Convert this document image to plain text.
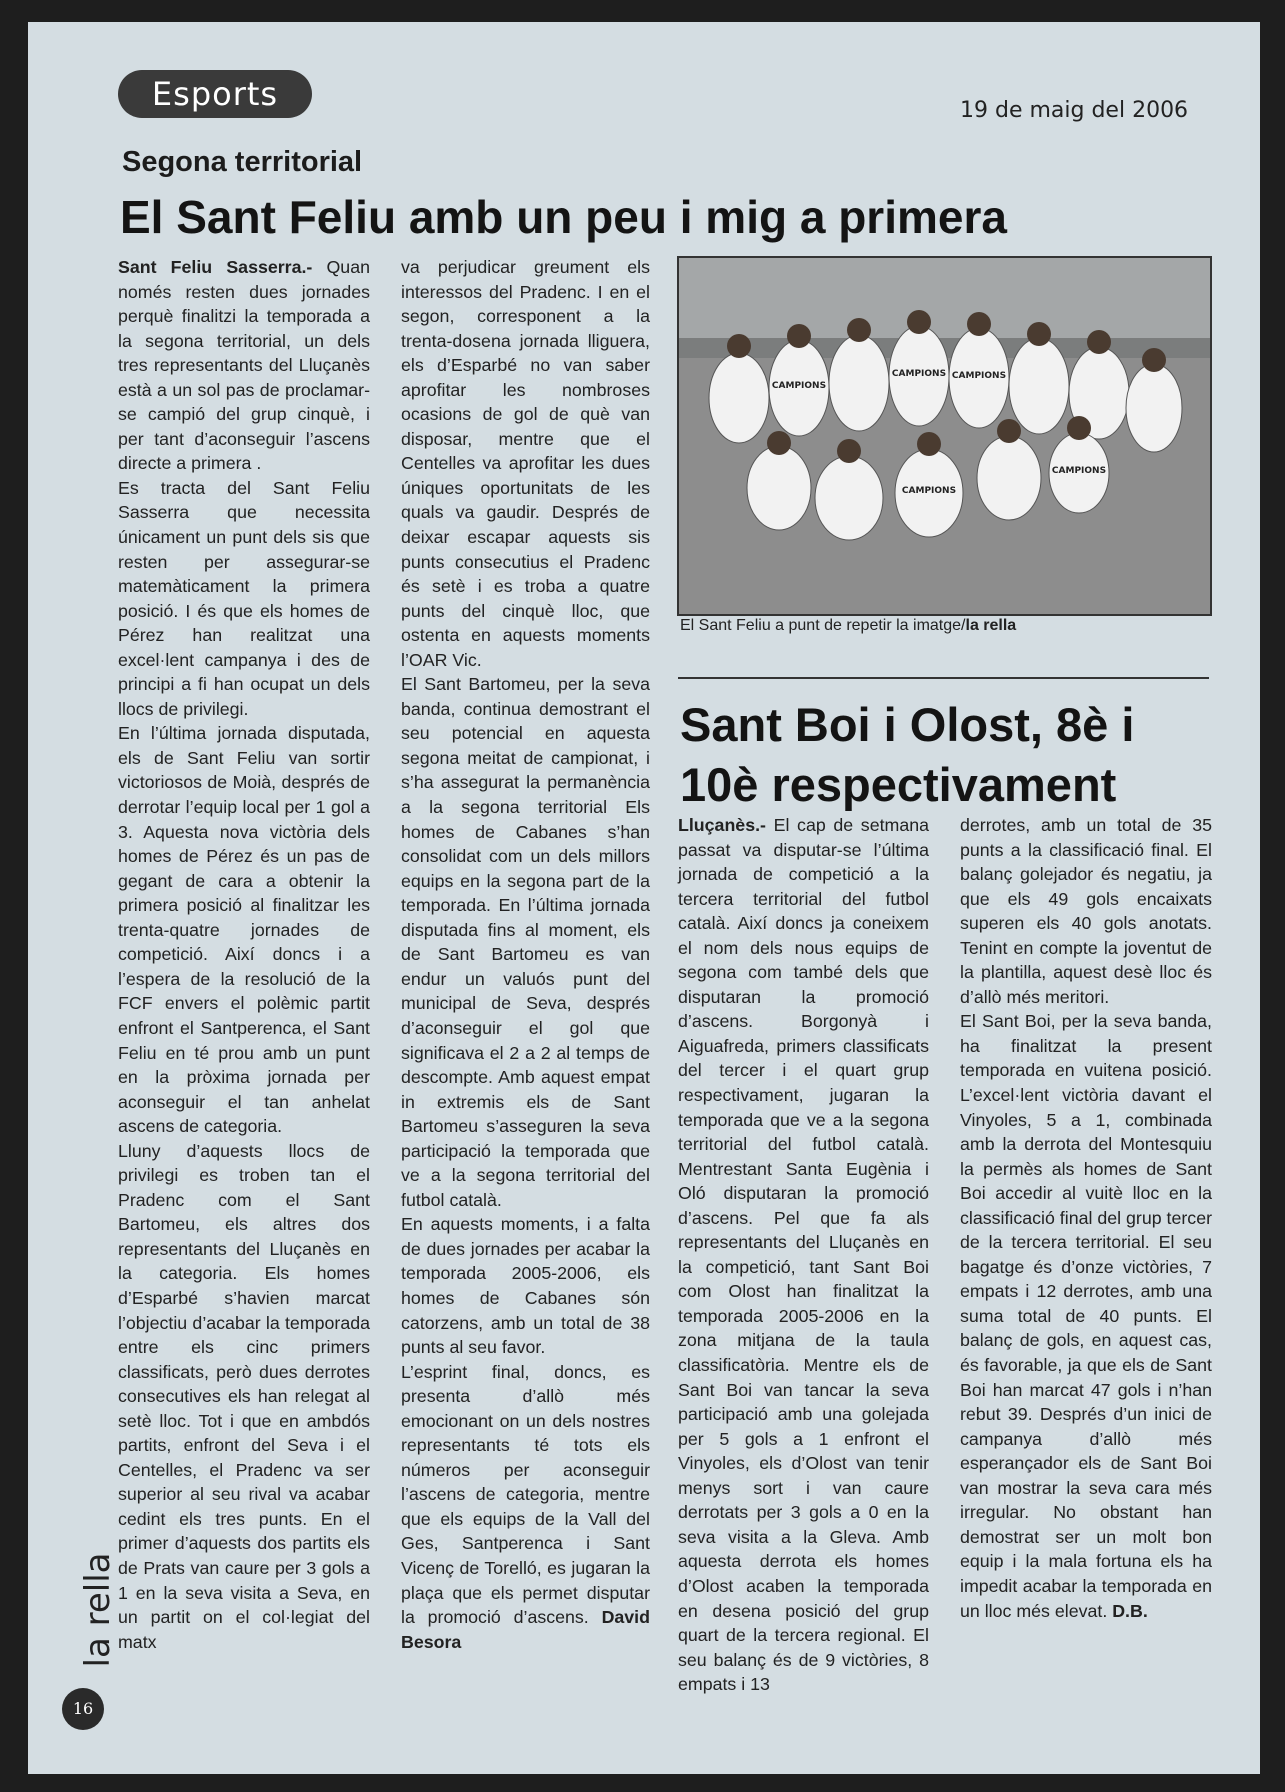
Esports	19 de maig del 2006
Segona territorial
El Sant Feliu amb un peu i mig a primera

Sant Feliu Sasserra.- Quan només resten dues jornades perquè finalitzi la temporada a la segona territorial, un dels tres representants del Lluçanès està a un sol pas de proclamar-se campió del grup cinquè, i per tant d’aconseguir l’ascens directe a primera .

Es tracta del Sant Feliu Sasserra que necessita únicament un punt dels sis que resten per assegurar-se matemàticament la primera posició. I és que els homes de Pérez han realitzat una excel·lent campanya i des de principi a fi han ocupat un dels llocs de privilegi.

En l’última jornada disputada, els de Sant Feliu van sortir victoriosos de Moià, després de derrotar l’equip local per 1 gol a 3. Aquesta nova victòria dels homes de Pérez és un pas de gegant de cara a obtenir la primera posició al finalitzar les trenta-quatre jornades de competició. Així doncs i a l’espera de la resolució de la FCF envers el polèmic partit enfront el Santperenca, el Sant Feliu en té prou amb un punt en la pròxima jornada per aconseguir el tan anhelat ascens de categoria.

Lluny d’aquests llocs de privilegi es troben tan el Pradenc com el Sant Bartomeu, els altres dos representants del Lluçanès en la categoria. Els homes d’Esparbé s’havien marcat l’objectiu d’acabar la temporada entre els cinc primers classificats, però dues derrotes consecutives els han relegat al setè lloc. Tot i que en ambdós partits, enfront del Seva i el Centelles, el Pradenc va ser superior al seu rival va acabar cedint els tres punts. En el primer d’aquests dos partits els de Prats van caure per 3 gols a 1 en la seva visita a Seva, en un partit on el col·legiat del matx

va perjudicar greument els interessos del Pradenc. I en el segon, corresponent a la trenta-dosena jornada lliguera, els d’Esparbé no van saber aprofitar les nombroses ocasions de gol de què van disposar, mentre que el Centelles va aprofitar les dues úniques oportunitats de les quals va gaudir. Després de deixar escapar aquests sis punts consecutius el Pradenc és setè i es troba a quatre punts del cinquè lloc, que ostenta en aquests moments l’OAR Vic.

El Sant Bartomeu, per la seva banda, continua demostrant el seu potencial en aquesta segona meitat de campionat, i s’ha assegurat la permanència a la segona territorial Els homes de Cabanes s’han consolidat com un dels millors equips en la segona part de la temporada. En l’última jornada disputada fins al moment, els de Sant Bartomeu es van endur un valuós punt del municipal de Seva, després d’aconseguir el gol que significava el 2 a 2 al temps de descompte. Amb aquest empat in extremis els de Sant Bartomeu s’asseguren la seva participació la temporada que ve a la segona territorial del futbol català.

En aquests moments, i a falta de dues jornades per acabar la temporada 2005-2006, els homes de Cabanes són catorzens, amb un total de 38 punts al seu favor.

L’esprint final, doncs, es presenta d’allò més emocionant on un dels nostres representants té tots els números per aconseguir l’ascens de categoria, mentre que els equips de la Vall del Ges, Santperenca i Sant Vicenç de Torelló, es jugaran la plaça que els permet disputar la promoció d’ascens. David Besora

CAMPIONS
CAMPIONS CAMPIONS
CAMPIONS
CAMPIONS
El Sant Feliu a punt de repetir la imatge/la rella
Sant Boi i Olost, 8è i 10è respectivament

Lluçanès.- El cap de setmana passat va disputar-se l’última jornada de competició a la tercera territorial del futbol català. Així doncs ja coneixem el nom dels nous equips de segona com també dels que disputaran la promoció d’ascens. Borgonyà i Aiguafreda, primers classificats del tercer i el quart grup respectivament, jugaran la temporada que ve a la segona territorial del futbol català. Mentrestant Santa Eugènia i Oló disputaran la promoció d’ascens. Pel que fa als representants del Lluçanès en la competició, tant Sant Boi com Olost han finalitzat la temporada 2005-2006 en la zona mitjana de la taula classificatòria. Mentre els de Sant Boi van tancar la seva participació amb una golejada per 5 gols a 1 enfront el Vinyoles, els d’Olost van tenir menys sort i van caure derrotats per 3 gols a 0 en la seva visita a la Gleva. Amb aquesta derrota els homes d’Olost acaben la temporada en desena posició del grup quart de la tercera regional. El seu balanç és de 9 victòries, 8 empats i 13

derrotes, amb un total de 35 punts a la classificació final. El balanç golejador és negatiu, ja que els 49 gols encaixats superen els 40 gols anotats. Tenint en compte la joventut de la plantilla, aquest desè lloc és d’allò més meritori.

El Sant Boi, per la seva banda, ha finalitzat la present temporada en vuitena posició. L’excel·lent victòria davant el Vinyoles, 5 a 1, combinada amb la derrota del Montesquiu la permès als homes de Sant Boi accedir al vuitè lloc en la classificació final del grup tercer de la tercera territorial. El seu bagatge és d’onze victòries, 7 empats i 12 derrotes, amb una suma total de 40 punts. El balanç de gols, en aquest cas, és favorable, ja que els de Sant Boi han marcat 47 gols i n’han rebut 39. Després d’un inici de campanya d’allò més esperançador els de Sant Boi van mostrar la seva cara més irregular. No obstant han demostrat ser un molt bon equip i la mala fortuna els ha impedit acabar la temporada en un lloc més elevat. D.B.

la rella
16
